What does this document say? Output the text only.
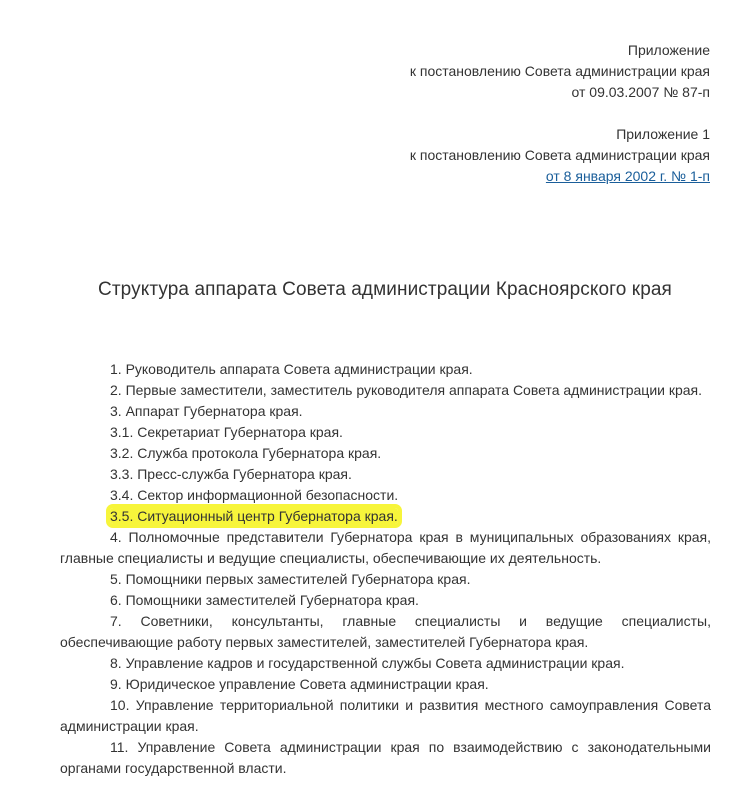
Приложение
к постановлению Совета администрации края
от 09.03.2007 № 87-п
Приложение 1
к постановлению Совета администрации края
от 8 января 2002 г. № 1-п
Структура аппарата Совета администрации Красноярского края

1. Руководитель аппарата Совета администрации края.

2. Первые заместители, заместитель руководителя аппарата Совета администрации края.

3. Аппарат Губернатора края.

3.1. Секретариат Губернатора края.

3.2. Служба протокола Губернатора края.

3.3. Пресс-служба Губернатора края.

3.4. Сектор информационной безопасности.

3.5. Ситуационный центр Губернатора края.

4. Полномочные представители Губернатора края в муниципальных образованиях края, главные специалисты и ведущие специалисты, обеспечивающие их деятельность.

5. Помощники первых заместителей Губернатора края.

6. Помощники заместителей Губернатора края.

7. Советники, консультанты, главные специалисты и ведущие специалисты, обеспечивающие работу первых заместителей, заместителей Губернатора края.

8. Управление кадров и государственной службы Совета администрации края.

9. Юридическое управление Совета администрации края.

10. Управление территориальной политики и развития местного самоуправления Совета администрации края.

11. Управление Совета администрации края по взаимодействию с законодательными органами государственной власти.
